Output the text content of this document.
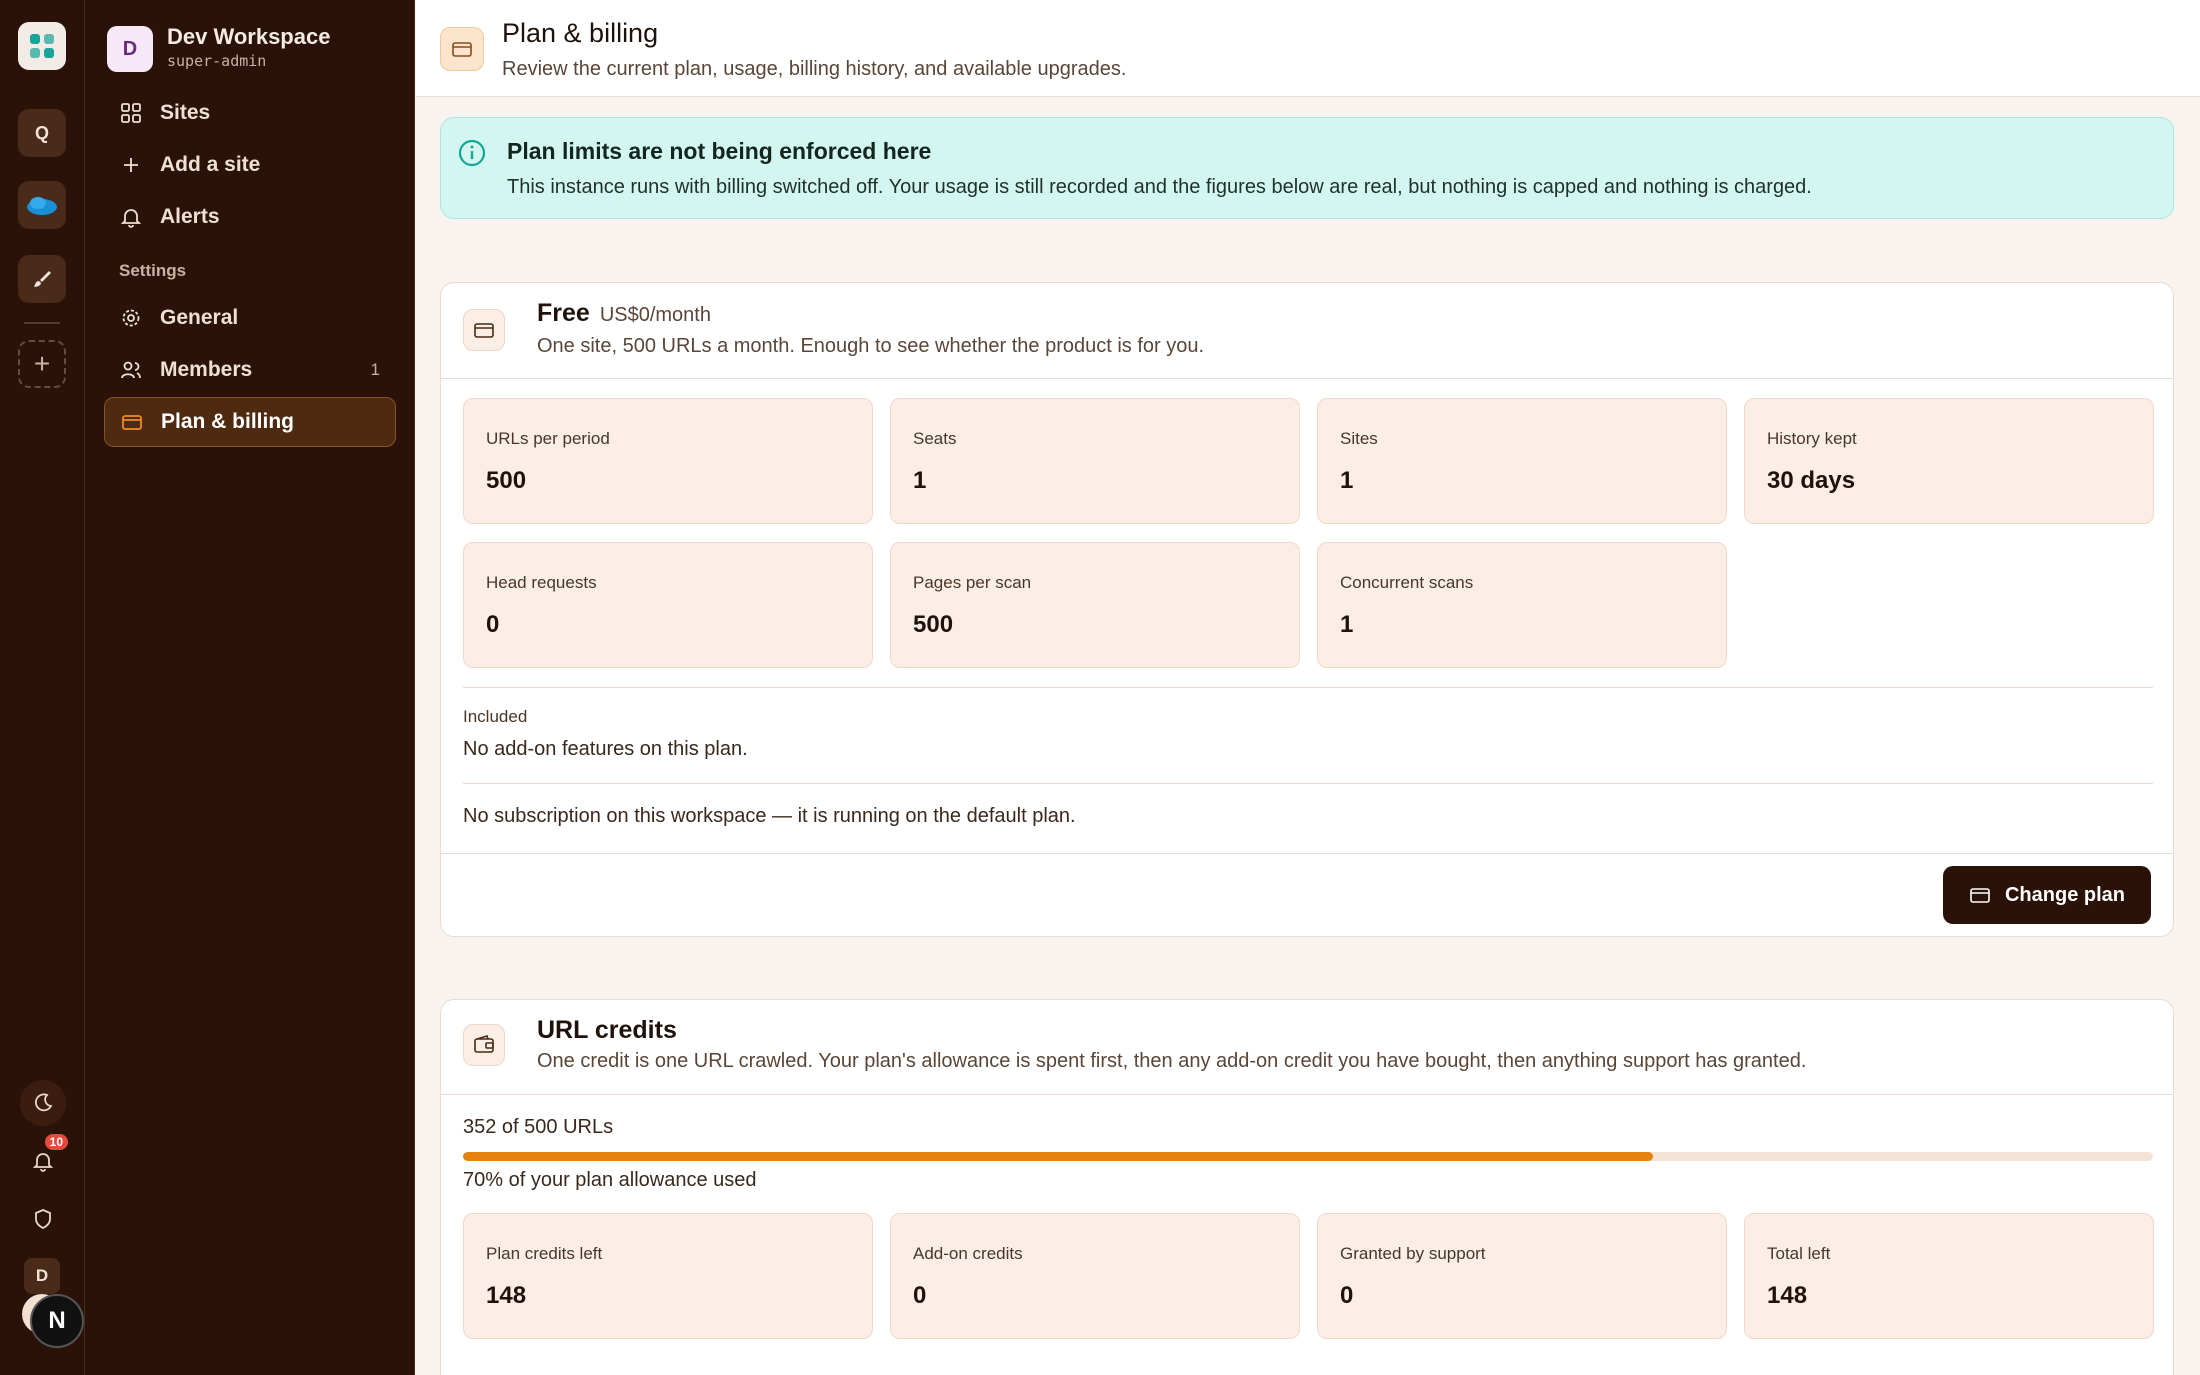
Q
+
10
D
N
D	Dev Workspace
super-admin
Sites
Add a site
Alerts
Settings
General
Members	1
Plan & billing
Plan & billing
Review the current plan, usage, billing history, and available upgrades.
Plan limits are not being enforced here
This instance runs with billing switched off. Your usage is still recorded and the figures below are real, but nothing is capped and nothing is charged.
Free US$0/month
One site, 500 URLs a month. Enough to see whether the product is for you.
URLs per period
500
Seats
1
Sites
1
History kept
30 days
Head requests
0
Pages per scan
500
Concurrent scans
1
Included
No add-on features on this plan.
No subscription on this workspace — it is running on the default plan.
Change plan
URL credits
One credit is one URL crawled. Your plan's allowance is spent first, then any add-on credit you have bought, then anything support has granted.
352 of 500 URLs
70% of your plan allowance used
Plan credits left
148
Add-on credits
0
Granted by support
0
Total left
148
